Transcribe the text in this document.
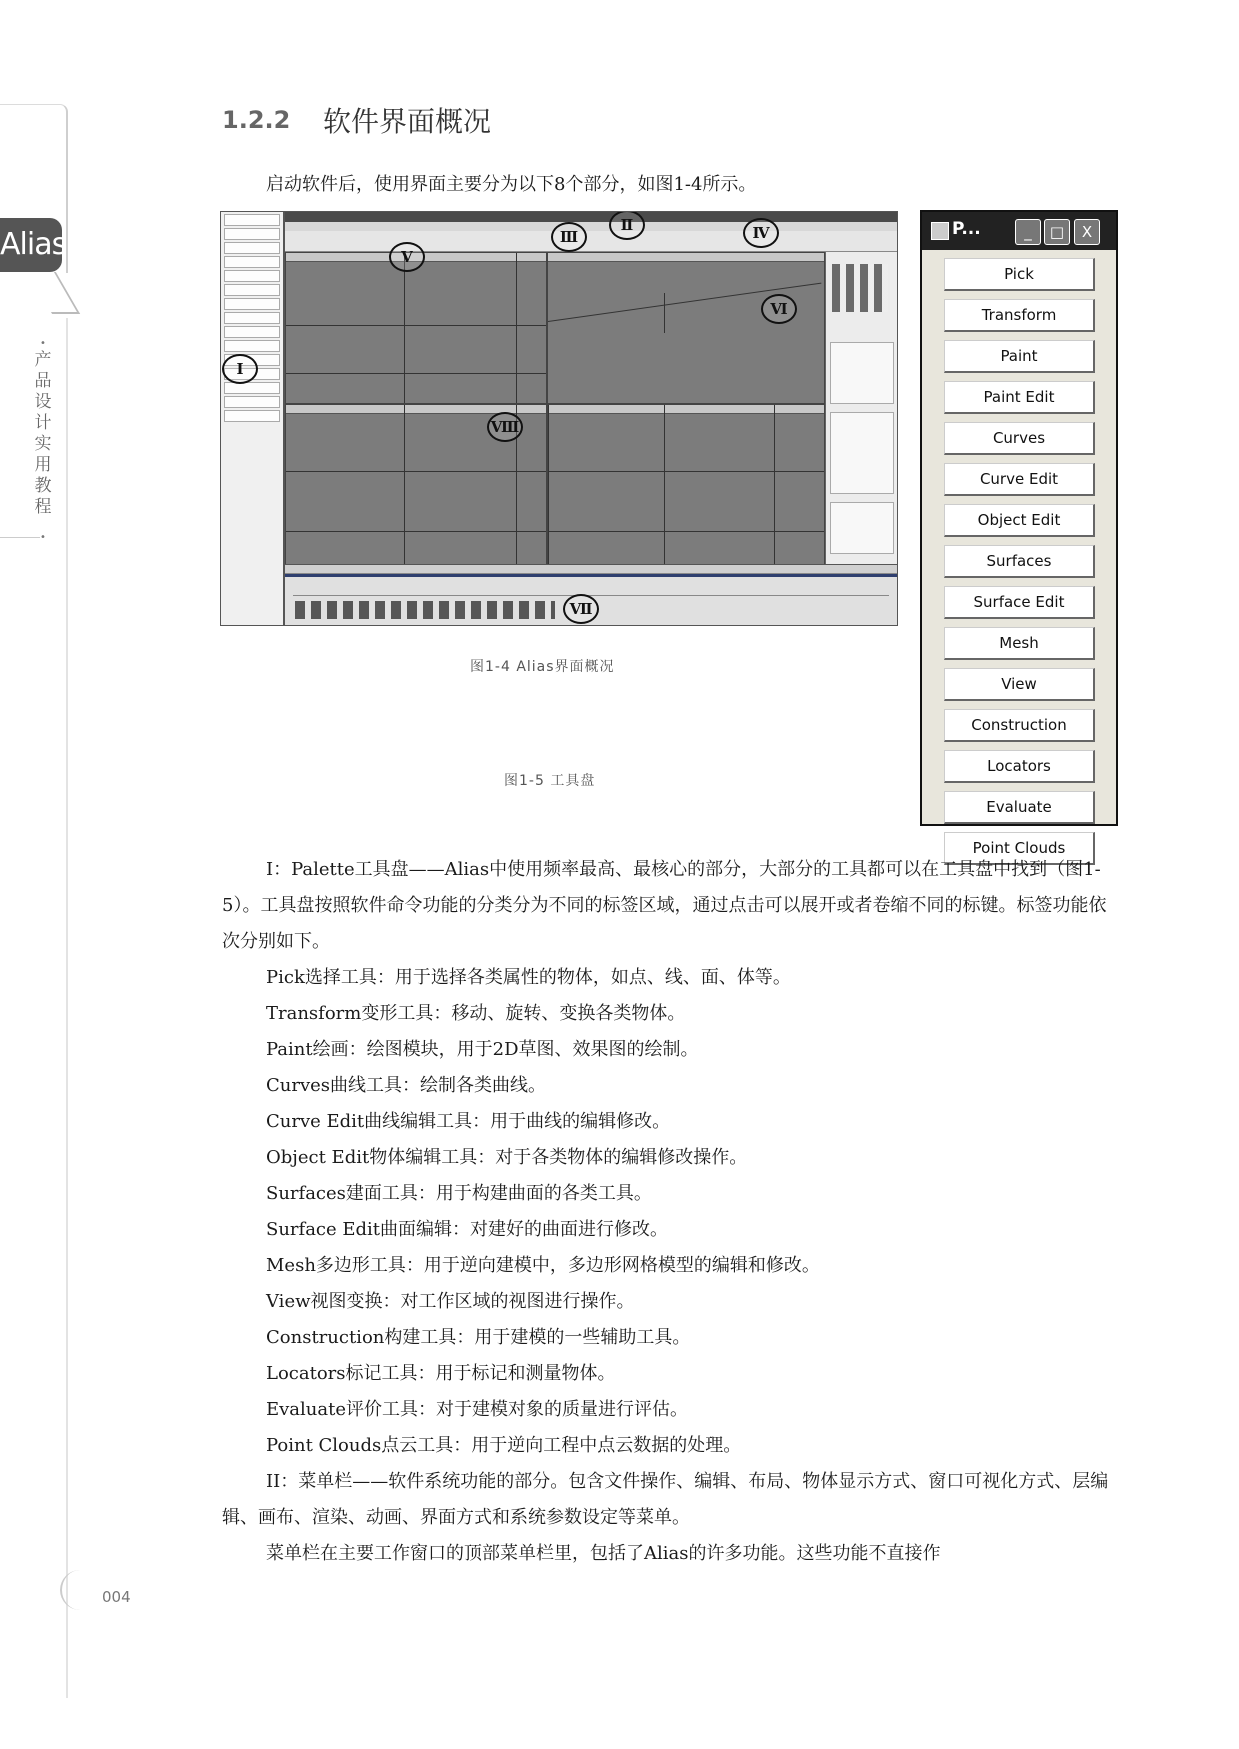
Alias
•
产品设计实用教程
•
1.2.2 软件界面概况
启动软件后，使用界面主要分为以下8个部分，如图1-4所示。
Ⅰ
Ⅱ
Ⅲ	Ⅳ
Ⅴ
Ⅵ
Ⅶ
Ⅷ
图1-4 Alias界面概况
图1-5 工具盘
P...	_	□	X
Pick
Transform
Paint
Paint Edit
Curves
Curve Edit
Object Edit
Surfaces
Surface Edit
Mesh
View
Construction
Locators
Evaluate
Point Clouds

I：Palette工具盘——Alias中使用频率最高、最核心的部分，大部分的工具都可以在工具盘中找到（图1-5）。工具盘按照软件命令功能的分类分为不同的标签区域，通过点击可以展开或者卷缩不同的标键。标签功能依次分别如下。

Pick选择工具：用于选择各类属性的物体，如点、线、面、体等。

Transform变形工具：移动、旋转、变换各类物体。

Paint绘画：绘图模块，用于2D草图、效果图的绘制。

Curves曲线工具：绘制各类曲线。

Curve Edit曲线编辑工具：用于曲线的编辑修改。

Object Edit物体编辑工具：对于各类物体的编辑修改操作。

Surfaces建面工具：用于构建曲面的各类工具。

Surface Edit曲面编辑：对建好的曲面进行修改。

Mesh多边形工具：用于逆向建模中，多边形网格模型的编辑和修改。

View视图变换：对工作区域的视图进行操作。

Construction构建工具：用于建模的一些辅助工具。

Locators标记工具：用于标记和测量物体。

Evaluate评价工具：对于建模对象的质量进行评估。

Point Clouds点云工具：用于逆向工程中点云数据的处理。

II：菜单栏——软件系统功能的部分。包含文件操作、编辑、布局、物体显示方式、窗口可视化方式、层编辑、画布、渲染、动画、界面方式和系统参数设定等菜单。

菜单栏在主要工作窗口的顶部菜单栏里，包括了Alias的许多功能。这些功能不直接作

004
